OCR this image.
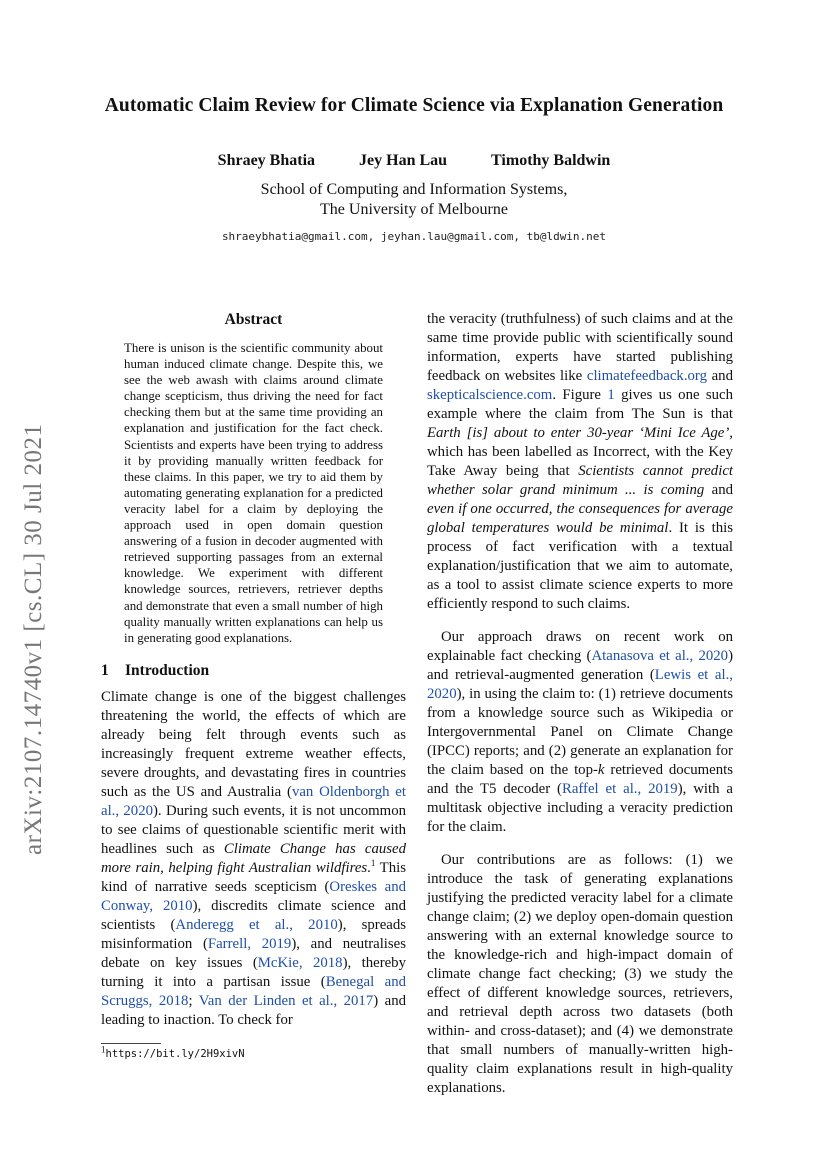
Automatic Claim Review for Climate Science via Explanation Generation
Shraey Bhatia	Jey Han Lau	Timothy Baldwin
School of Computing and Information Systems,
The University of Melbourne
shraeybhatia@gmail.com, jeyhan.lau@gmail.com, tb@ldwin.net
arXiv:2107.14740v1 [cs.CL] 30 Jul 2021
Abstract

There is unison is the scientific community about human induced climate change. Despite this, we see the web awash with claims around climate change scepticism, thus driving the need for fact checking them but at the same time providing an explanation and justification for the fact check. Scientists and experts have been trying to address it by providing manually written feedback for these claims. In this paper, we try to aid them by automating generating explanation for a predicted veracity label for a claim by deploying the approach used in open domain question answering of a fusion in decoder augmented with retrieved supporting passages from an external knowledge. We experiment with different knowledge sources, retrievers, retriever depths and demonstrate that even a small number of high quality manually written explanations can help us in generating good explanations.

1 Introduction

Climate change is one of the biggest challenges threatening the world, the effects of which are already being felt through events such as increasingly frequent extreme weather effects, severe droughts, and devastating fires in countries such as the US and Australia (van Oldenborgh et al., 2020). During such events, it is not uncommon to see claims of questionable scientific merit with headlines such as Climate Change has caused more rain, helping fight Australian wildfires.$^1$ This kind of narrative seeds scepticism (Oreskes and Conway, 2010), discredits climate science and scientists (Anderegg et al., 2010), spreads misinformation (Farrell, 2019), and neutralises debate on key issues (McKie, 2018), thereby turning it into a partisan issue (Benegal and Scruggs, 2018; Van der Linden et al., 2017) and leading to inaction. To check for

$^1$https://bit.ly/2H9xivN

the veracity (truthfulness) of such claims and at the same time provide public with scientifically sound information, experts have started publishing feedback on websites like climatefeedback.org and skepticalscience.com. Figure 1 gives us one such example where the claim from The Sun is that Earth [is] about to enter 30-year ‘Mini Ice Age’, which has been labelled as Incorrect, with the Key Take Away being that Scientists cannot predict whether solar grand minimum ... is coming and even if one occurred, the consequences for average global temperatures would be minimal. It is this process of fact verification with a textual explanation/justification that we aim to automate, as a tool to assist climate science experts to more efficiently respond to such claims.

Our approach draws on recent work on explainable fact checking (Atanasova et al., 2020) and retrieval-augmented generation (Lewis et al., 2020), in using the claim to: (1) retrieve documents from a knowledge source such as Wikipedia or Intergovernmental Panel on Climate Change (IPCC) reports; and (2) generate an explanation for the claim based on the top-k retrieved documents and the T5 decoder (Raffel et al., 2019), with a multitask objective including a veracity prediction for the claim.

Our contributions are as follows: (1) we introduce the task of generating explanations justifying the predicted veracity label for a climate change claim; (2) we deploy open-domain question answering with an external knowledge source to the knowledge-rich and high-impact domain of climate change fact checking; (3) we study the effect of different knowledge sources, retrievers, and retrieval depth across two datasets (both within- and cross-dataset); and (4) we demonstrate that small numbers of manually-written high-quality claim explanations result in high-quality explanations.
